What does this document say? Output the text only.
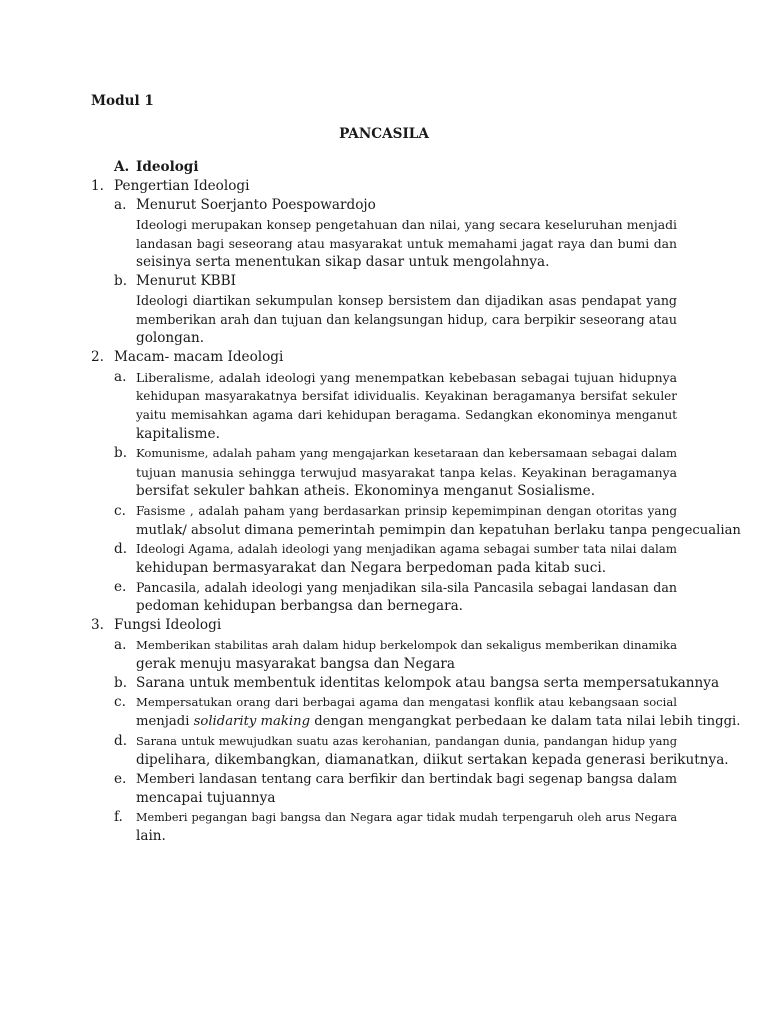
Modul 1
PANCASILA
A. Ideologi
1. Pengertian Ideologi
a. Menurut Soerjanto Poespowardojo
Ideologi merupakan konsep pengetahuan dan nilai, yang secara keseluruhan menjadi
landasan bagi seseorang atau masyarakat untuk memahami jagat raya dan bumi dan
seisinya serta menentukan sikap dasar untuk mengolahnya.
b. Menurut KBBI
Ideologi diartikan sekumpulan konsep bersistem dan dijadikan asas pendapat yang
memberikan arah dan tujuan dan kelangsungan hidup, cara berpikir seseorang atau
golongan.
2. Macam- macam Ideologi
a. Liberalisme, adalah ideologi yang menempatkan kebebasan sebagai tujuan hidupnya
kehidupan masyarakatnya bersifat idividualis. Keyakinan beragamanya bersifat sekuler
yaitu memisahkan agama dari kehidupan beragama. Sedangkan ekonominya menganut
kapitalisme.
b. Komunisme, adalah paham yang mengajarkan kesetaraan dan kebersamaan sebagai dalam
tujuan manusia sehingga terwujud masyarakat tanpa kelas. Keyakinan beragamanya
bersifat sekuler bahkan atheis. Ekonominya menganut Sosialisme.
c. Fasisme , adalah paham yang berdasarkan prinsip kepemimpinan dengan otoritas yang
mutlak/ absolut dimana pemerintah pemimpin dan kepatuhan berlaku tanpa pengecualian
d. Ideologi Agama, adalah ideologi yang menjadikan agama sebagai sumber tata nilai dalam
kehidupan bermasyarakat dan Negara berpedoman pada kitab suci.
e. Pancasila, adalah ideologi yang menjadikan sila-sila Pancasila sebagai landasan dan
pedoman kehidupan berbangsa dan bernegara.
3. Fungsi Ideologi
a. Memberikan stabilitas arah dalam hidup berkelompok dan sekaligus memberikan dinamika
gerak menuju masyarakat bangsa dan Negara
b. Sarana untuk membentuk identitas kelompok atau bangsa serta mempersatukannya
c. Mempersatukan orang dari berbagai agama dan mengatasi konflik atau kebangsaan social
menjadi solidarity making dengan mengangkat perbedaan ke dalam tata nilai lebih tinggi.
d. Sarana untuk mewujudkan suatu azas kerohanian, pandangan dunia, pandangan hidup yang
dipelihara, dikembangkan, diamanatkan, diikut sertakan kepada generasi berikutnya.
e. Memberi landasan tentang cara berfikir dan bertindak bagi segenap bangsa dalam
mencapai tujuannya
f. Memberi pegangan bagi bangsa dan Negara agar tidak mudah terpengaruh oleh arus Negara
lain.
